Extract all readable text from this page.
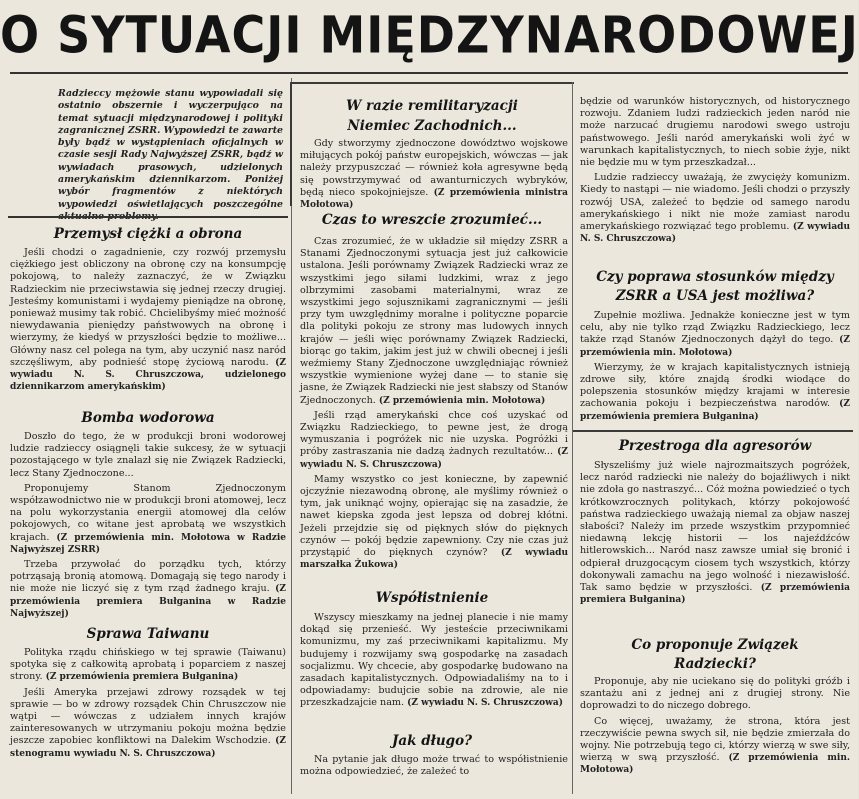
O SYTUACJI MIĘDZYNARODOWEJ

Radzieccy mężowie stanu wypowiadali się ostatnio obszernie i wyczerpująco na temat sytuacji międzynarodowej i polityki zagranicznej ZSRR. Wypowiedzi te zawarte były bądź w wystąpieniach oficjalnych w czasie sesji Rady Najwyższej ZSRR, bądź w wywiadach prasowych, udzielonych amerykańskim dziennikarzom. Poniżej wybór fragmentów z niektórych wypowiedzi oświetlających poszczególne

Przemysł ciężki a obrona

Jeśli chodzi o zagadnienie, czy rozwój przemysłu ciężkiego jest obliczony na obronę czy na konsumpcję pokojową, to należy zaznaczyć, że w Związku Radzieckim nie przeciwstawia się jednej rzeczy drugiej. Jesteśmy komunistami i wydajemy pieniądze na obronę, ponieważ musimy tak robić. Chcielibyśmy mieć możność niewydawania pieniędzy państwowych na obronę i wierzymy, że kiedyś w przyszłości będzie to możliwe... Główny nasz cel polega na tym, aby uczynić nasz naród szczęśliwym, aby podnieść stopę życiową narodu. (Z wywiadu N. S. Chruszczowa, udzielonego dziennikarzom amerykańskim)

Bomba wodorowa

Doszło do tego, że w produkcji broni wodorowej ludzie radzieccy osiągnęli takie sukcesy, że w sytuacji pozostającego w tyle znalazł się nie Związek Radziecki, lecz Stany Zjednoczone...

Proponujemy Stanom Zjednoczonym współzawodnictwo nie w produkcji broni atomowej, lecz na polu wykorzystania energii atomowej dla celów pokojowych, co witane jest aprobatą we wszystkich krajach. (Z przemówienia min. Mołotowa w Radzie Najwyższej ZSRR)

Trzeba przywołać do porządku tych, którzy potrząsają bronią atomową. Domagają się tego narody i nie może nie liczyć się z tym rząd żadnego kraju. (Z przemówienia premiera Bułganina w Radzie Najwyższej)

Sprawa Taiwanu

Polityka rządu chińskiego w tej sprawie (Taiwanu) spotyka się z całkowitą aprobatą i poparciem z naszej strony. (Z przemówienia premiera Bułganina)

Jeśli Ameryka przejawi zdrowy rozsądek w tej sprawie — bo w zdrowy rozsądek Chin Chruszczow nie wątpi — wówczas z udziałem innych krajów zainteresowanych w utrzymaniu pokoju można będzie jeszcze zapobiec konfliktowi na Dalekim Wschodzie. (Z stenogramu wywiadu N. S. Chruszczowa)

W razie remilitaryzacji
Niemiec Zachodnich...

Gdy stworzymy zjednoczone dowództwo wojskowe miłujących pokój państw europejskich, wówczas — jak należy przypuszczać — również koła agresywne będą się powstrzymywać od awanturniczych wybryków, będą nieco spokojniejsze. (Z przemówienia ministra Mołotowa)

Czas to wreszcie zrozumieć...

Czas zrozumieć, że w układzie sił między ZSRR a Stanami Zjednoczonymi sytuacja jest już całkowicie ustalona. Jeśli porównamy Związek Radziecki wraz ze wszystkimi jego siłami ludzkimi, wraz z jego olbrzymimi zasobami materialnymi, wraz ze wszystkimi jego sojusznikami zagranicznymi — jeśli przy tym uwzględnimy moralne i polityczne poparcie dla polityki pokoju ze strony mas ludowych innych krajów — jeśli więc porównamy Związek Radziecki, biorąc go takim, jakim jest już w chwili obecnej i jeśli weźmiemy Stany Zjednoczone uwzględniając również wszystkie wymienione wyżej dane — to stanie się jasne, że Związek Radziecki nie jest słabszy od Stanów Zjednoczonych. (Z przemówienia min. Mołotowa)

Jeśli rząd amerykański chce coś uzyskać od Związku Radzieckiego, to pewne jest, że drogą wymuszania i pogróżek nic nie uzyska. Pogróżki i próby zastraszania nie dadzą żadnych rezultatów... (Z wywiadu N. S. Chruszczowa)

Mamy wszystko co jest konieczne, by zapewnić ojczyźnie niezawodną obronę, ale myślimy również o tym, jak uniknąć wojny, opierając się na zasadzie, że nawet kiepska zgoda jest lepsza od dobrej kłótni. Jeżeli przejdzie się od pięknych słów do pięknych czynów — pokój będzie zapewniony. Czy nie czas już przystąpić do pięknych czynów? (Z wywiadu marszałka Żukowa)

Współistnienie

Wszyscy mieszkamy na jednej planecie i nie mamy dokąd się przenieść. Wy jesteście przeciwnikami komunizmu, my zaś przeciwnikami kapitalizmu. My budujemy i rozwijamy swą gospodarkę na zasadach socjalizmu. Wy chcecie, aby gospodarkę budowano na zasadach kapitalistycznych. Odpowiadaliśmy na to i odpowiadamy: budujcie sobie na zdrowie, ale nie przeszkadzajcie nam. (Z wywiadu N. S. Chruszczowa)

Jak długo?

Na pytanie jak długo może trwać to współistnienie można odpowiedzieć, że zależeć to

będzie od warunków historycznych, od historycznego rozwoju. Zdaniem ludzi radzieckich jeden naród nie może narzucać drugiemu narodowi swego ustroju państwowego. Jeśli naród amerykański woli żyć w warunkach kapitalistycznych, to niech sobie żyje, nikt nie będzie mu w tym przeszkadzał...

Ludzie radzieccy uważają, że zwycięży komunizm. Kiedy to nastąpi — nie wiadomo. Jeśli chodzi o przyszły rozwój USA, zależeć to będzie od samego narodu amerykańskiego i nikt nie może zamiast narodu amerykańskiego rozwiązać tego problemu. (Z wywiadu N. S. Chruszczowa)

Czy poprawa stosunków między
ZSRR a USA jest możliwa?

Zupełnie możliwa. Jednakże konieczne jest w tym celu, aby nie tylko rząd Związku Radzieckiego, lecz także rząd Stanów Zjednoczonych dążył do tego. (Z przemówienia min. Mołotowa)

Wierzymy, że w krajach kapitalistycznych istnieją zdrowe siły, które znajdą środki wiodące do polepszenia stosunków między krajami w interesie zachowania pokoju i bezpieczeństwa narodów. (Z przemówienia premiera Bułganina)

Przestroga dla agresorów

Słyszeliśmy już wiele najrozmaitszych pogróżek, lecz naród radziecki nie należy do bojaźliwych i nikt nie zdoła go nastraszyć... Cóż można powiedzieć o tych krótkowzrocznych politykach, którzy pokojowość państwa radzieckiego uważają niemal za objaw naszej słabości? Należy im przede wszystkim przypomnieć niedawną lekcję historii — los najeźdźców hitlerowskich... Naród nasz zawsze umiał się bronić i odpierał druzgocącym ciosem tych wszystkich, którzy dokonywali zamachu na jego wolność i niezawisłość. Tak samo będzie w przyszłości. (Z przemówienia premiera Bułganina)

Co proponuje Związek
Radziecki?

Proponuje, aby nie uciekano się do polityki gróźb i szantażu ani z jednej ani z drugiej strony. Nie doprowadzi to do niczego dobrego.

Co więcej, uważamy, że strona, która jest rzeczywiście pewna swych sił, nie będzie zmierzała do wojny. Nie potrzebują tego ci, którzy wierzą w swe siły, wierzą w swą przyszłość. (Z przemówienia min. Mołotowa)
